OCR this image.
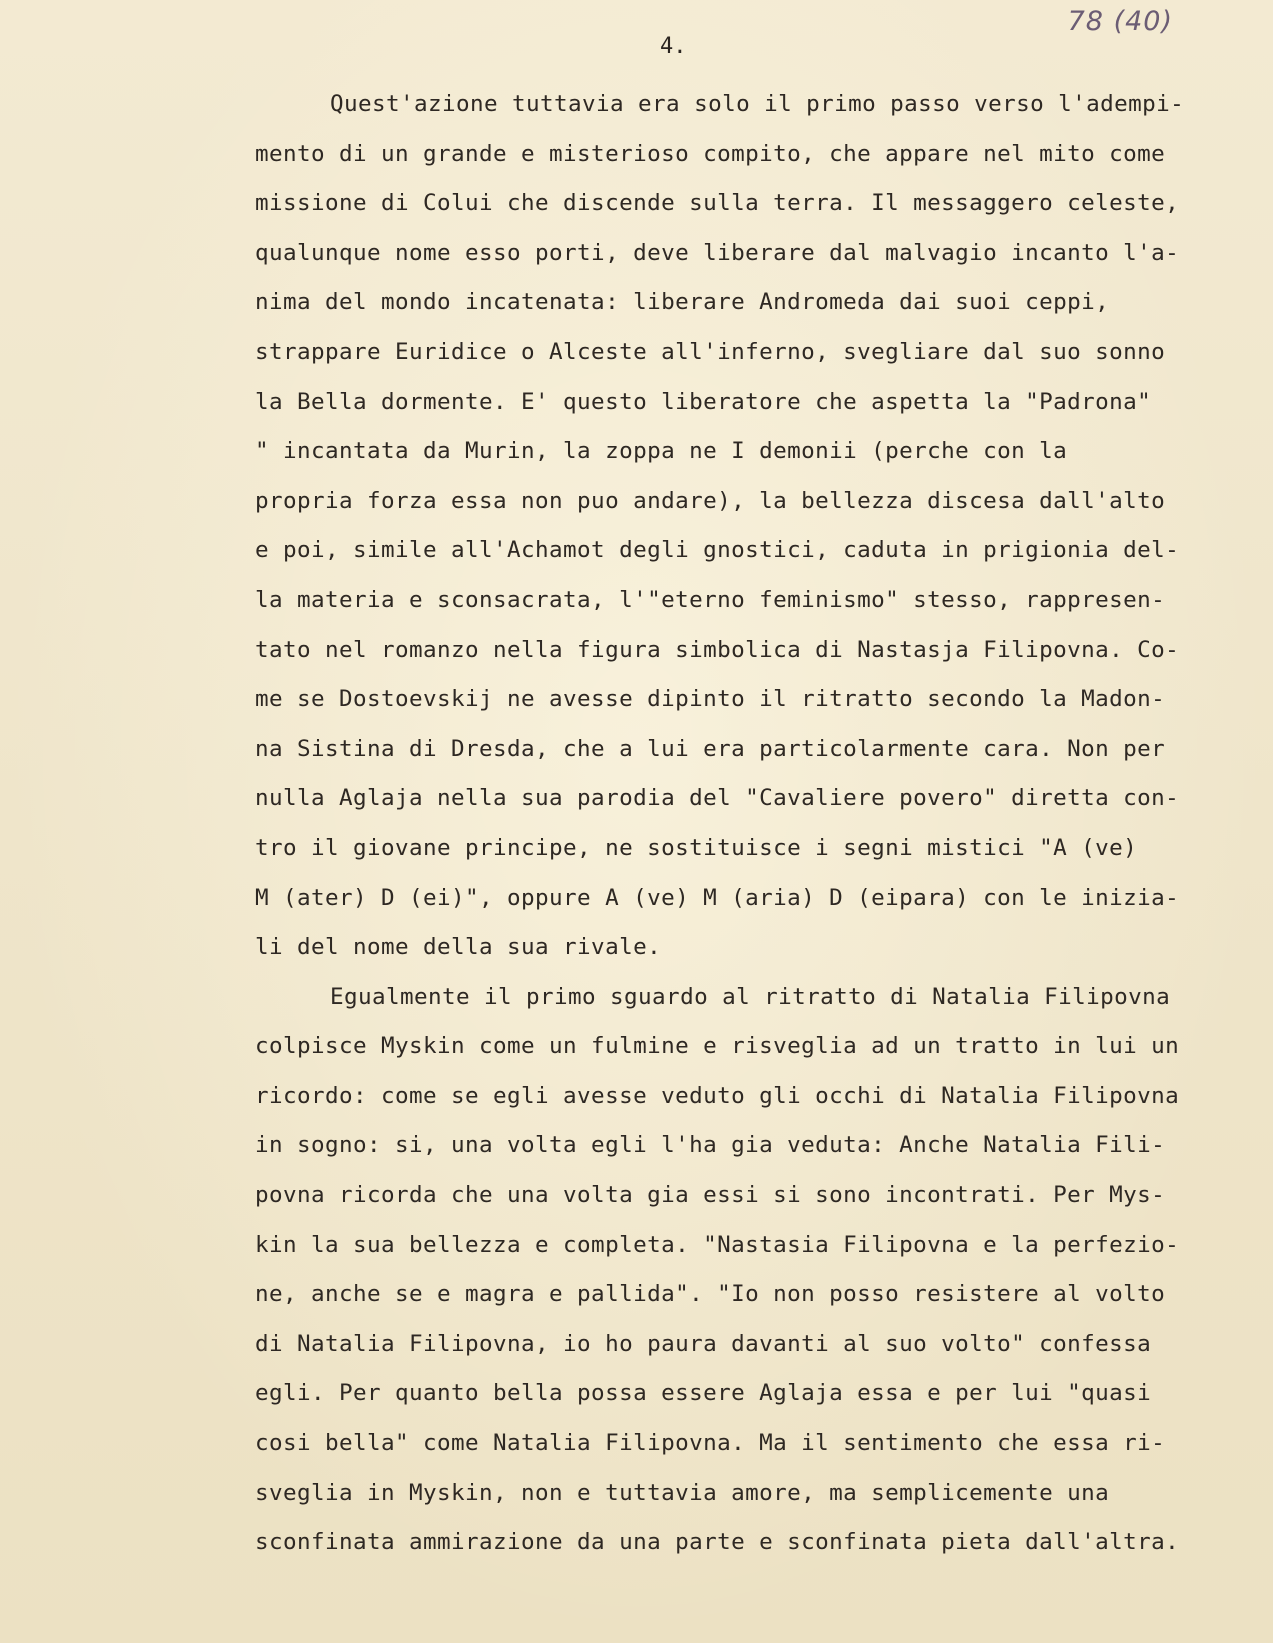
78 (40)
4.
Quest'azione tuttavia era solo il primo passo verso l'adempi-
mento di un grande e misterioso compito, che appare nel mito come
missione di Colui che discende sulla terra. Il messaggero celeste,
qualunque nome esso porti, deve liberare dal malvagio incanto l'a-
nima del mondo incatenata: liberare Andromeda dai suoi ceppi,
strappare Euridice o Alceste all'inferno, svegliare dal suo sonno
la Bella dormente. E' questo liberatore che aspetta la "Padrona"
" incantata da Murin, la zoppa ne I demonii (perche con la
propria forza essa non puo andare), la bellezza discesa dall'alto
e poi, simile all'Achamot degli gnostici, caduta in prigionia del-
la materia e sconsacrata, l'"eterno feminismo" stesso, rappresen-
tato nel romanzo nella figura simbolica di Nastasja Filipovna. Co-
me se Dostoevskij ne avesse dipinto il ritratto secondo la Madon-
na Sistina di Dresda, che a lui era particolarmente cara. Non per
nulla Aglaja nella sua parodia del "Cavaliere povero" diretta con-
tro il giovane principe, ne sostituisce i segni mistici "A (ve)
M (ater) D (ei)", oppure A (ve) M (aria) D (eipara) con le inizia-
li del nome della sua rivale.
Egualmente il primo sguardo al ritratto di Natalia Filipovna
colpisce Myskin come un fulmine e risveglia ad un tratto in lui un
ricordo: come se egli avesse veduto gli occhi di Natalia Filipovna
in sogno: si, una volta egli l'ha gia veduta: Anche Natalia Fili-
povna ricorda che una volta gia essi si sono incontrati. Per Mys-
kin la sua bellezza e completa. "Nastasia Filipovna e la perfezio-
ne, anche se e magra e pallida". "Io non posso resistere al volto
di Natalia Filipovna, io ho paura davanti al suo volto" confessa
egli. Per quanto bella possa essere Aglaja essa e per lui "quasi
cosi bella" come Natalia Filipovna. Ma il sentimento che essa ri-
sveglia in Myskin, non e tuttavia amore, ma semplicemente una
sconfinata ammirazione da una parte e sconfinata pieta dall'altra.
